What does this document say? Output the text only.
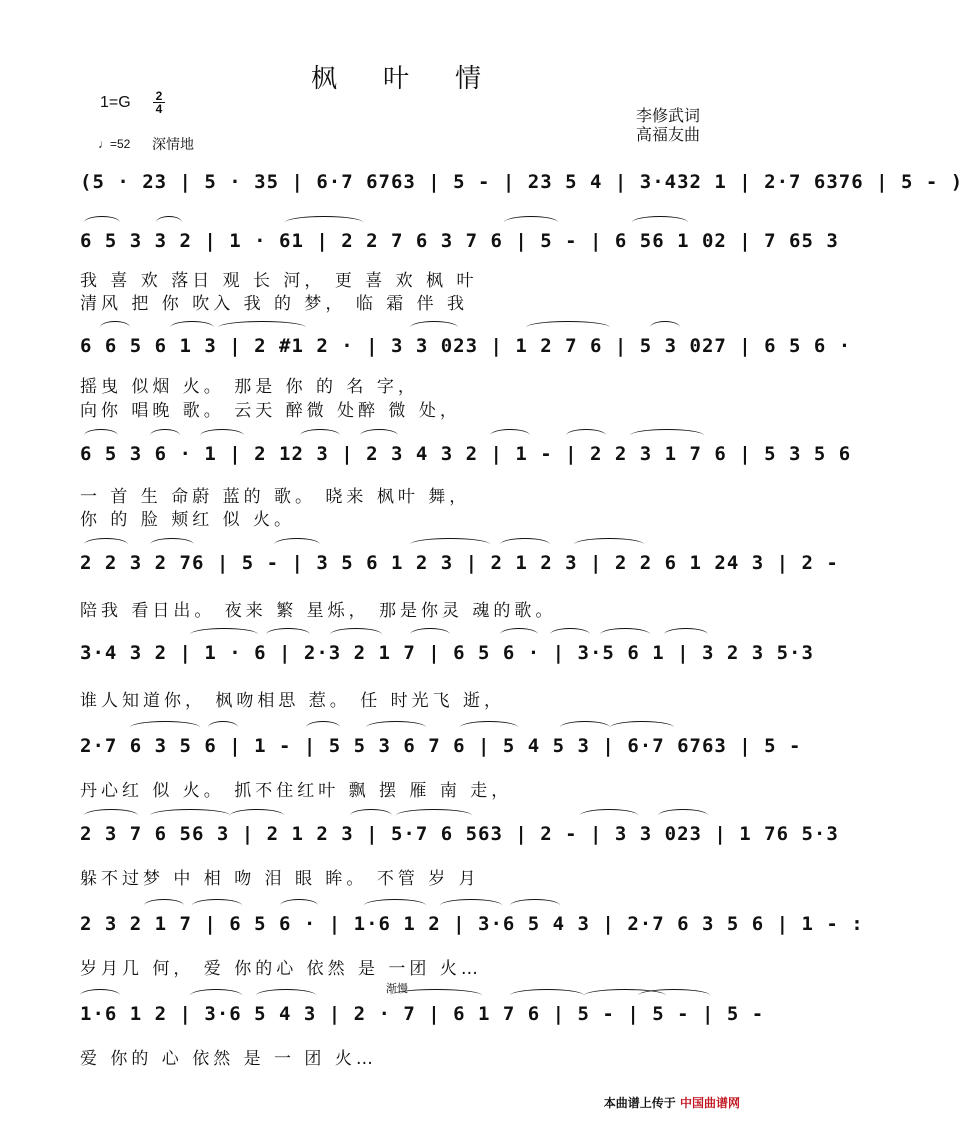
枫叶情
1=G	2
4	李修武词
高福友曲
♩=52 深情地
(5 · 23 | 5 · 35 | 6·7 6763 | 5 - | 23 5 4 | 3·432 1 | 2·7 6376 | 5 - )
6 5 3 3 2 | 1 · 61 | 2 2 7 6 3 7 6 | 5 - | 6 56 1 02 | 7 65 3
我 喜 欢 落日 观 长 河， 更 喜 欢 枫 叶
清风 把 你 吹入 我 的 梦， 临 霜 伴 我
6 6 5 6 1 3 | 2 #1 2 · | 3 3 023 | 1 2 7 6 | 5 3 027 | 6 5 6 ·
摇曳 似烟 火。 那是 你 的 名 字，
向你 唱晚 歌。 云天 醉微 处醉 微 处，
6 5 3 6 · 1 | 2 12 3 | 2 3 4 3 2 | 1 - | 2 2 3 1 7 6 | 5 3 5 6
一 首 生 命蔚 蓝的 歌。 晓来 枫叶 舞，
你 的 脸 颊红 似 火。
2 2 3 2 76 | 5 - | 3 5 6 1 2 3 | 2 1 2 3 | 2 2 6 1 24 3 | 2 -
陪我 看日出。 夜来 繁 星烁， 那是你灵 魂的歌。
3·4 3 2 | 1 · 6 | 2·3 2 1 7 | 6 5 6 · | 3·5 6 1 | 3 2 3 5·3
谁人知道你， 枫吻相思 惹。 任 时光飞 逝，
2·7 6 3 5 6 | 1 - | 5 5 3 6 7 6 | 5 4 5 3 | 6·7 6763 | 5 -
丹心红 似 火。 抓不住红叶 飘 摆 雁 南 走，
2 3 7 6 56 3 | 2 1 2 3 | 5·7 6 563 | 2 - | 3 3 023 | 1 76 5·3
躲不过梦 中 相 吻 泪 眼 眸。 不管 岁 月
2 3 2 1 7 | 6 5 6 · | 1·6 1 2 | 3·6 5 4 3 | 2·7 6 3 5 6 | 1 - :
岁月几 何， 爱 你的心 依然 是 一团 火…
渐慢
1·6 1 2 | 3·6 5 4 3 | 2 · 7 | 6 1 7 6 | 5 - | 5 - | 5 -
爱 你的 心 依然 是 一 团 火…
本曲谱上传于 中国曲谱网
